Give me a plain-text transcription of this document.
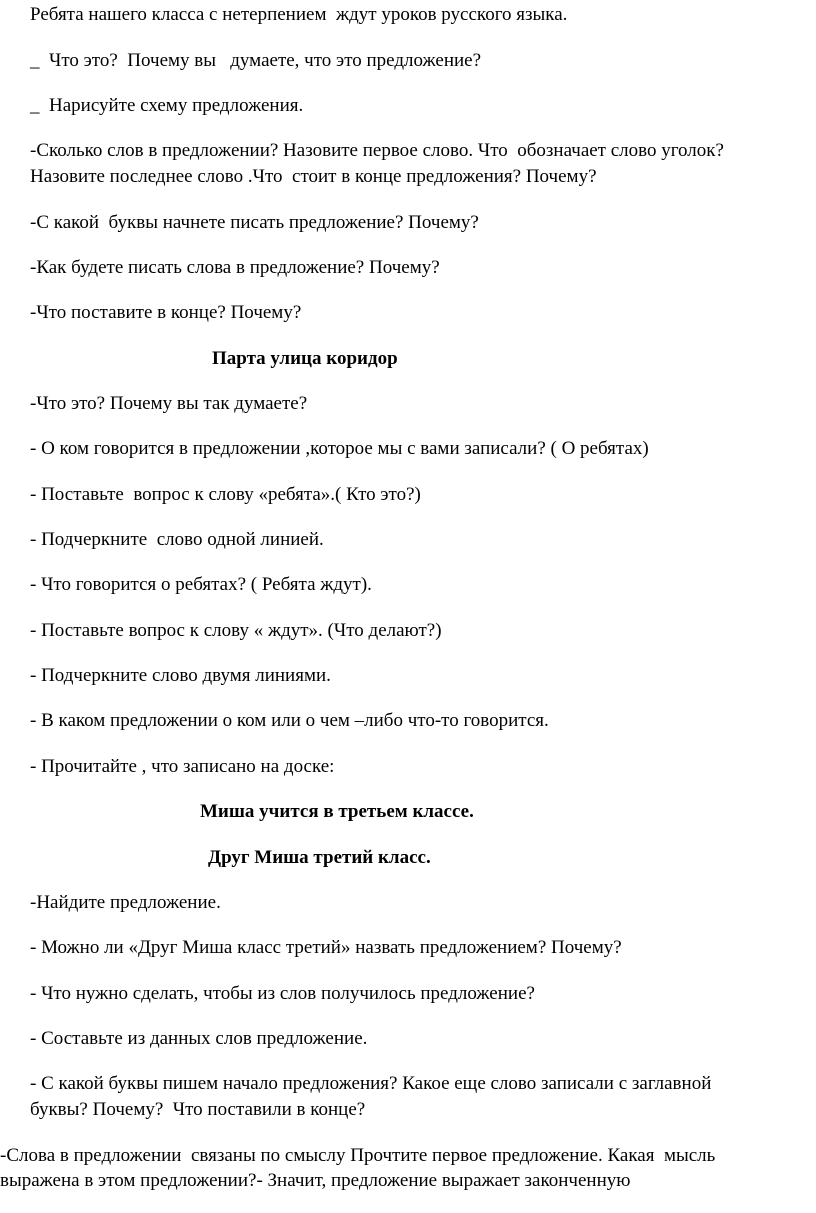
Ребята нашего класса с нетерпением  ждут уроков русского языка.
_  Что это?  Почему вы   думаете, что это предложение?
_  Нарисуйте схему предложения.
-Сколько слов в предложении? Назовите первое слово. Что  обозначает слово уголок?
Назовите последнее слово .Что  стоит в конце предложения? Почему?
-С какой  буквы начнете писать предложение? Почему?
-Как будете писать слова в предложение? Почему?
-Что поставите в конце? Почему?
Парта улица коридор
-Что это? Почему вы так думаете?
- О ком говорится в предложении ,которое мы с вами записали? ( О ребятах)
- Поставьте  вопрос к слову «ребята».( Кто это?)
- Подчеркните  слово одной линией.
- Что говорится о ребятах? ( Ребята ждут).
- Поставьте вопрос к слову « ждут». (Что делают?)
- Подчеркните слово двумя линиями.
- В каком предложении о ком или о чем –либо что-то говорится.
- Прочитайте , что записано на доске:
Миша учится в третьем классе.
Друг Миша третий класс.
-Найдите предложение.
- Можно ли «Друг Миша класс третий» назвать предложением? Почему?
- Что нужно сделать, чтобы из слов получилось предложение?
- Составьте из данных слов предложение.
- С какой буквы пишем начало предложения? Какое еще слово записали с заглавной
буквы? Почему?  Что поставили в конце?
-Слова в предложении  связаны по смыслу Прочтите первое предложение. Какая  мысль
выражена в этом предложении?- Значит, предложение выражает законченную
